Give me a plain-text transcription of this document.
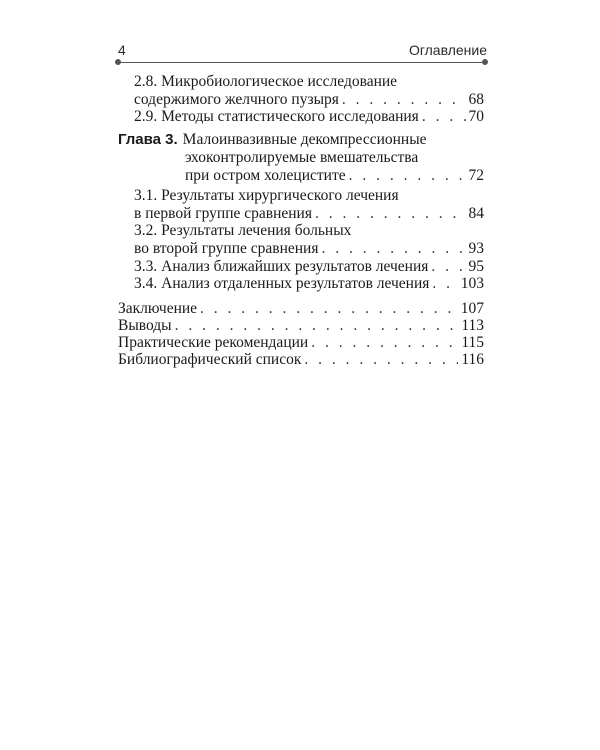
4	Оглавление
2.8. Микробиологическое исследование
содержимого желчного пузыря . . .	68
2.9. Методы статистического исследования . . .	70
Глава 3. Малоинвазивные декомпрессионные
эхоконтролируемые вмешательства
при остром холецистите . . .	72
3.1. Результаты хирургического лечения
в первой группе сравнения . . .	84
3.2. Результаты лечения больных
во второй группе сравнения . . .	93
3.3. Анализ ближайших результатов лечения . . .	95
3.4. Анализ отдаленных результатов лечения . . . 103
Заключение . . .	107
Выводы . . .	113
Практические рекомендации . . .	115
Библиографический список . . .	116
